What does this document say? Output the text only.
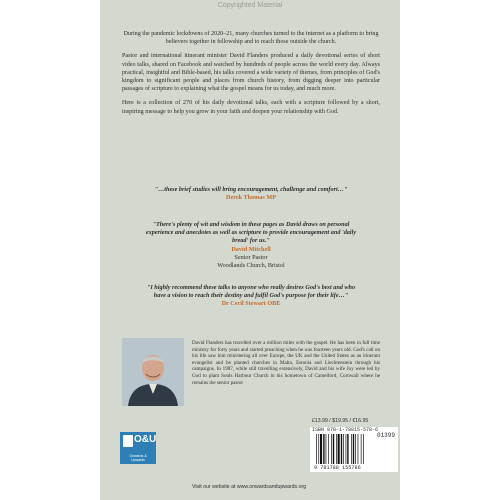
Copyrighted Material

During the pandemic lockdowns of 2020–21, many churches turned to the internet as a platform to bring believers together in fellowship and to reach those outside the church.

Pastor and international itinerant minister David Flanders produced a daily devotional series of short video talks, shared on Facebook and watched by hundreds of people across the world every day. Always practical, insightful and Bible-based, his talks covered a wide variety of themes, from principles of God's kingdom to significant people and places from church history, from digging deeper into particular passages of scripture to explaining what the gospel means for us today, and much more.

Here is a collection of 270 of his daily devotional talks, each with a scripture followed by a short, inspiring message to help you grow in your faith and deepen your relationship with God.

"…these brief studies will bring encouragement, challenge and comfort…"

Derek Thomas MP

"There's plenty of wit and wisdom in these pages as David draws on personal experience and anecdotes as well as scripture to provide encouragement and 'daily bread' for us."

David Mitchell

Senior Pastor

Woodlands Church, Bristol

"I highly recommend these talks to anyone who really desires God's best and who have a vision to reach their destiny and fulfil God's purpose for their life…"

Dr Cecil Stewart OBE

David Flanders has travelled over a million miles with the gospel. He has been in full time ministry for forty years and started preaching when he was fourteen years old. God's call on his life saw him ministering all over Europe, the UK and the United States as an itinerant evangelist and he planted churches in Malta, Estonia and Liechtenstein through his campaigns. In 1987, while still travelling extensively, David and his wife Joy were led by God to plant Souls Harbour Church in his hometown of Camelford, Cornwall where he remains the senior pastor
£13.99 / $19.95 / €16.95
ISBN 978-1-78815-578-6
01399
9 781788 155786
O&U
Onwards & Upwards
Visit our website at www.onwardsandupwards.org
